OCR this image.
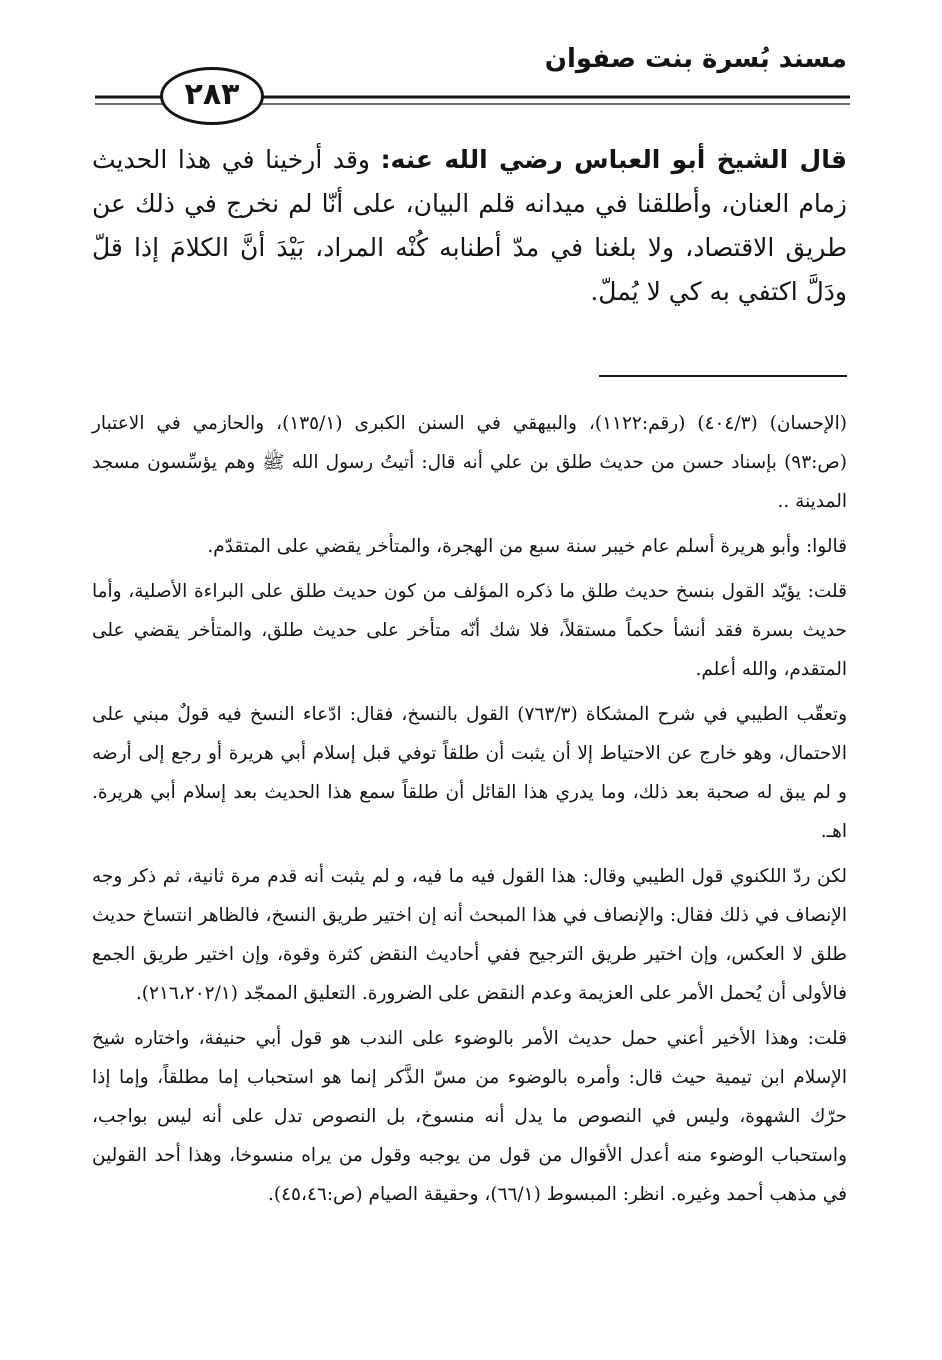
مسند بُسرة بنت صفوان
٢٨٣
قال الشيخ أبو العباس رضي الله عنه: وقد أرخينا في هذا الحديث زمام العنان، وأطلقنا في ميدانه قلم البيان، على أنّا لم نخرج في ذلك عن طريق الاقتصاد، ولا بلغنا في مدّ أطنابه كُنْه المراد، بَيْدَ أنَّ الكلامَ إذا قلّ ودَلَّ اكتفي به كي لا يُملّ.

(الإحسان) (٤٠٤/٣) (رقم:١١٢٢)، والبيهقي في السنن الكبرى (١٣٥/١)، والحازمي في الاعتبار (ص:٩٣) بإسناد حسن من حديث طلق بن علي أنه قال: أتيتُ رسول الله ﷺ وهم يؤسِّسون مسجد المدينة ..

قالوا: وأبو هريرة أسلم عام خيبر سنة سبع من الهجرة، والمتأخر يقضي على المتقدّم.

قلت: يؤيّد القول بنسخ حديث طلق ما ذكره المؤلف من كون حديث طلق على البراءة الأصلية، وأما حديث بسرة فقد أنشأ حكماً مستقلاً، فلا شك أنّه متأخر على حديث طلق، والمتأخر يقضي على المتقدم، والله أعلم.

وتعقّب الطيبي في شرح المشكاة (٧٦٣/٣) القول بالنسخ، فقال: ادّعاء النسخ فيه قولٌ مبني على الاحتمال، وهو خارج عن الاحتياط إلا أن يثبت أن طلقاً توفي قبل إسلام أبي هريرة أو رجع إلى أرضه و لم يبق له صحبة بعد ذلك، وما يدري هذا القائل أن طلقاً سمع هذا الحديث بعد إسلام أبي هريرة. اهـ.

لكن ردّ اللكنوي قول الطيبي وقال: هذا القول فيه ما فيه، و لم يثبت أنه قدم مرة ثانية، ثم ذكر وجه الإنصاف في ذلك فقال: والإنصاف في هذا المبحث أنه إن اختير طريق النسخ، فالظاهر انتساخ حديث طلق لا العكس، وإن اختير طريق الترجيح ففي أحاديث النقض كثرة وقوة، وإن اختير طريق الجمع فالأولى أن يُحمل الأمر على العزيمة وعدم النقض على الضرورة. التعليق الممجّد (٢١٦،٢٠٢/١).

قلت: وهذا الأخير أعني حمل حديث الأمر بالوضوء على الندب هو قول أبي حنيفة، واختاره شيخ الإسلام ابن تيمية حيث قال: وأمره بالوضوء من مسّ الذَّكر إنما هو استحباب إما مطلقاً، وإما إذا حرّك الشهوة، وليس في النصوص ما يدل أنه منسوخ، بل النصوص تدل على أنه ليس بواجب، واستحباب الوضوء منه أعدل الأقوال من قول من يوجبه وقول من يراه منسوخا، وهذا أحد القولين في مذهب أحمد وغيره. انظر: المبسوط (٦٦/١)، وحقيقة الصيام (ص:٤٥،٤٦).
